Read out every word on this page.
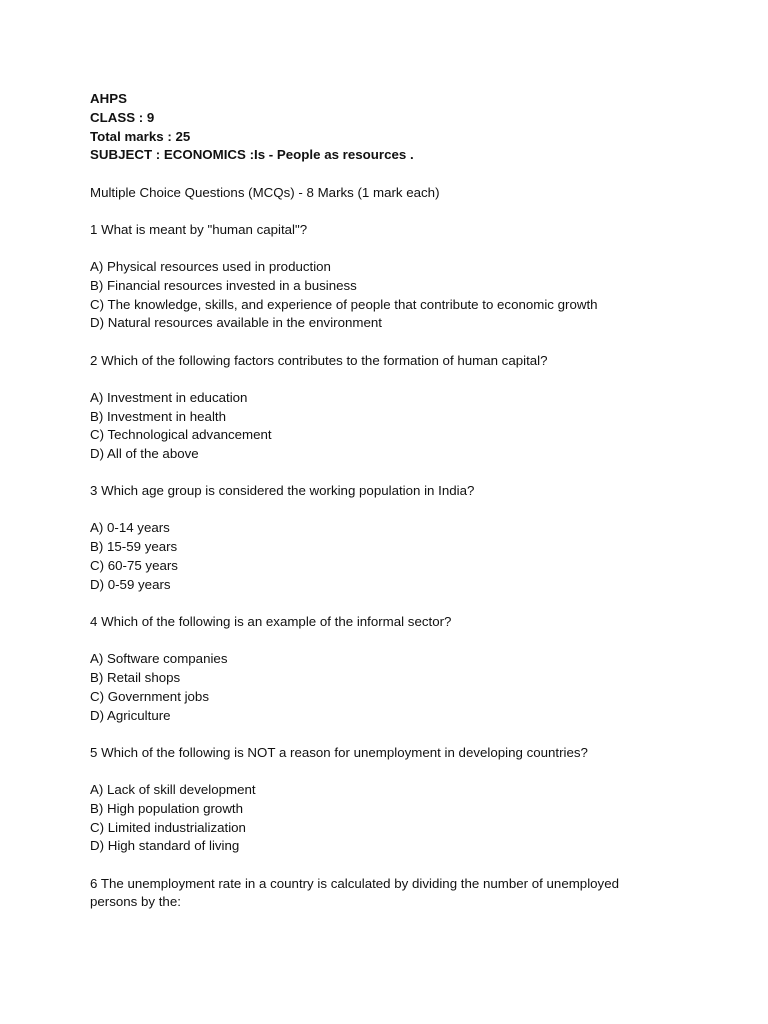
AHPS
CLASS : 9
Total marks : 25
SUBJECT : ECONOMICS :Is - People as resources .
Multiple Choice Questions (MCQs) - 8 Marks (1 mark each)
1 What is meant by "human capital"?
A) Physical resources used in production
B) Financial resources invested in a business
C) The knowledge, skills, and experience of people that contribute to economic growth
D) Natural resources available in the environment
2 Which of the following factors contributes to the formation of human capital?
A) Investment in education
B) Investment in health
C) Technological advancement
D) All of the above
3 Which age group is considered the working population in India?
A) 0-14 years
B) 15-59 years
C) 60-75 years
D) 0-59 years
4 Which of the following is an example of the informal sector?
A) Software companies
B) Retail shops
C) Government jobs
D) Agriculture
5 Which of the following is NOT a reason for unemployment in developing countries?
A) Lack of skill development
B) High population growth
C) Limited industrialization
D) High standard of living
6 The unemployment rate in a country is calculated by dividing the number of unemployed persons by the:
